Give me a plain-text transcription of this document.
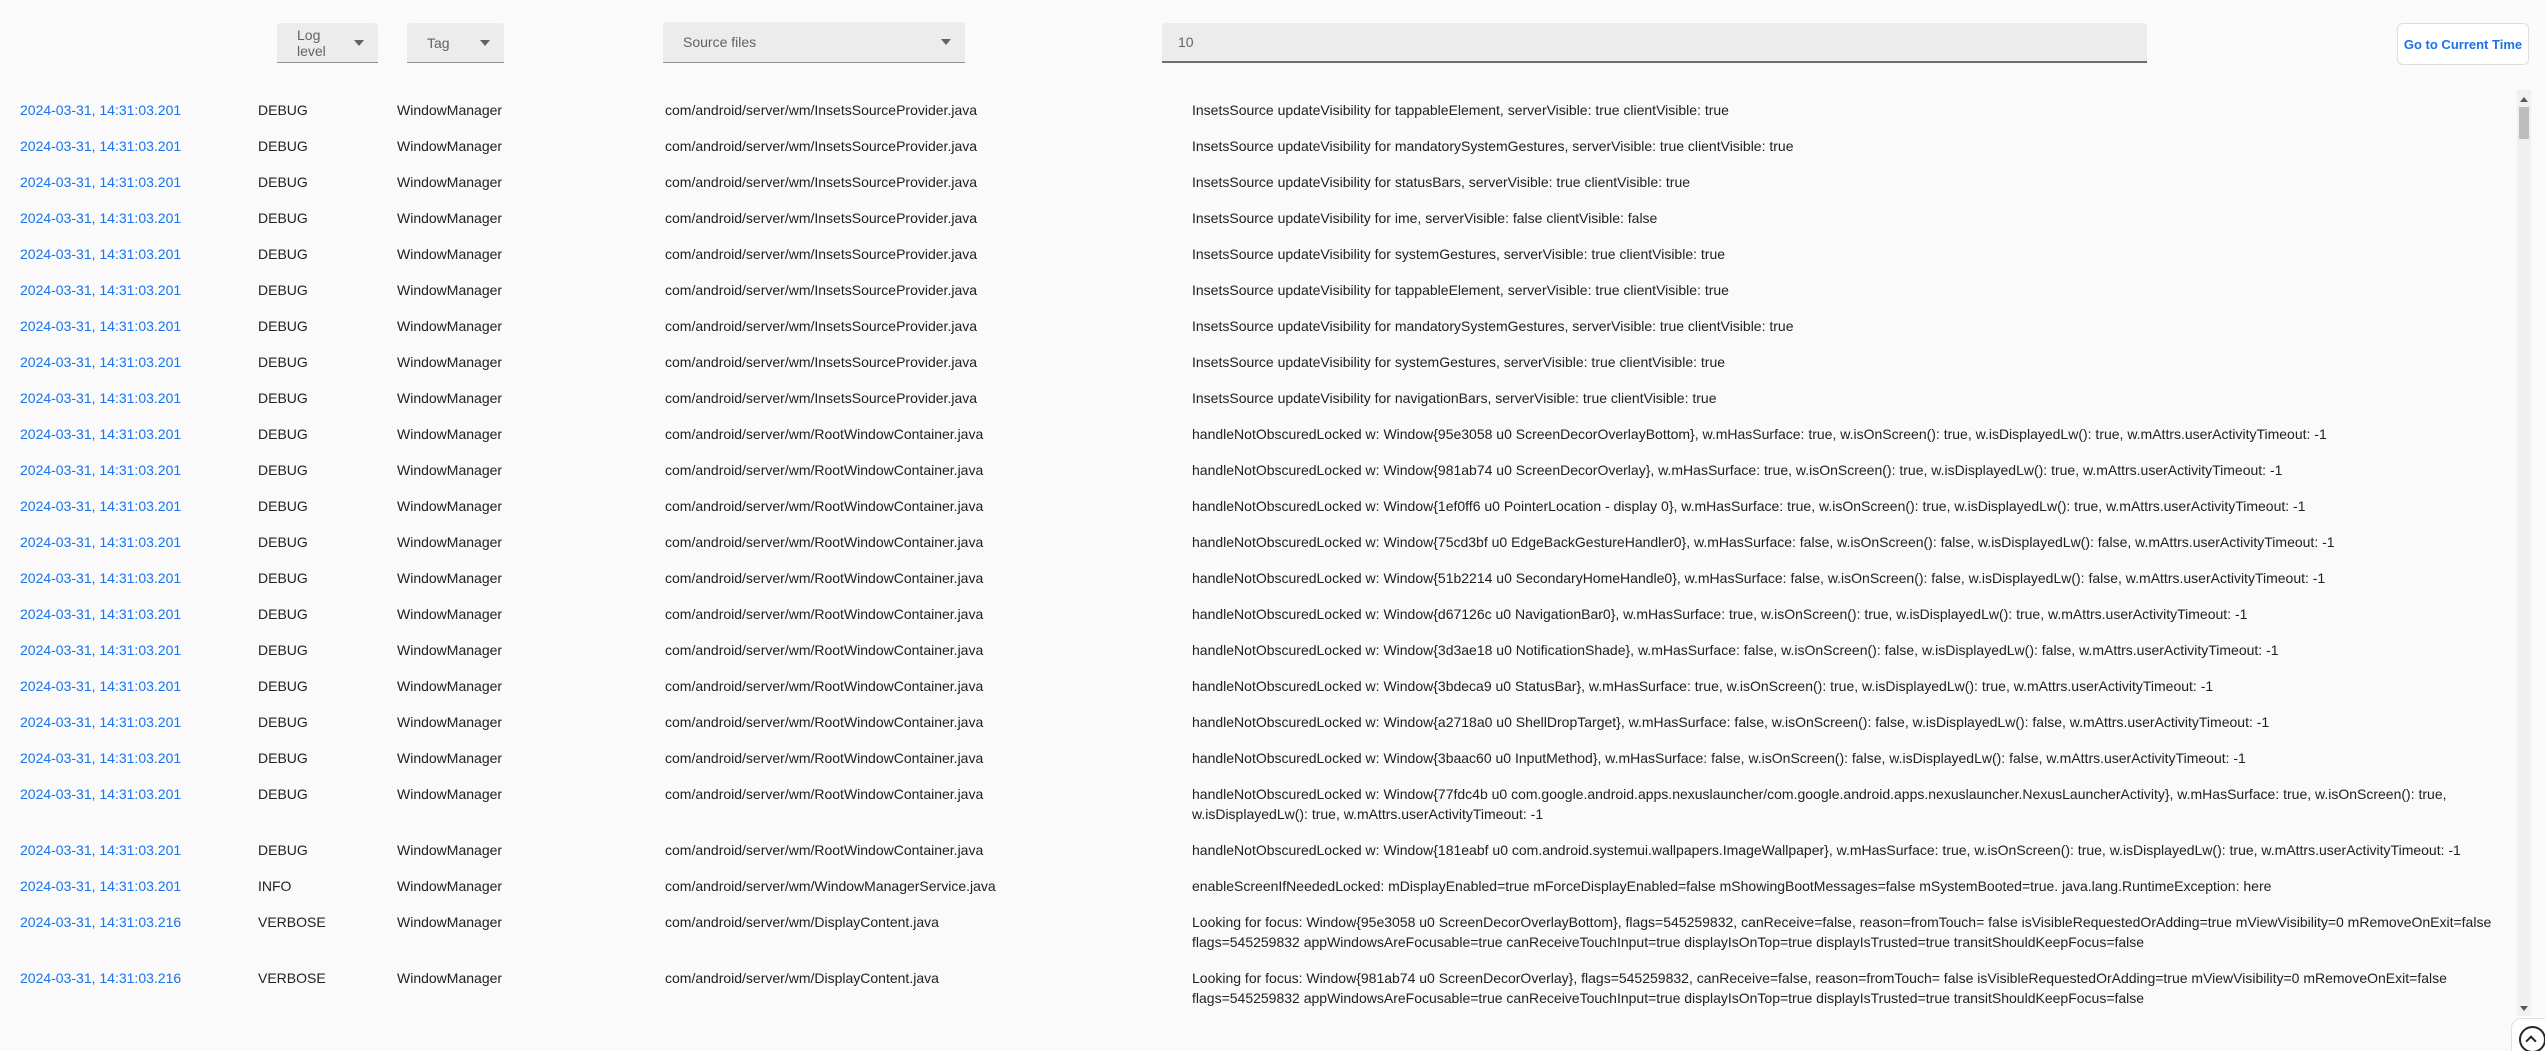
Log level	Tag	Source files
10	Go to Current Time
2024-03-31, 14:31:03.201	DEBUG	WindowManager	com/android/server/wm/InsetsSourceProvider.java	InsetsSource updateVisibility for tappableElement, serverVisible: true clientVisible: true
2024-03-31, 14:31:03.201	DEBUG	WindowManager	com/android/server/wm/InsetsSourceProvider.java	InsetsSource updateVisibility for mandatorySystemGestures, serverVisible: true clientVisible: true
2024-03-31, 14:31:03.201	DEBUG	WindowManager	com/android/server/wm/InsetsSourceProvider.java	InsetsSource updateVisibility for statusBars, serverVisible: true clientVisible: true
2024-03-31, 14:31:03.201	DEBUG	WindowManager	com/android/server/wm/InsetsSourceProvider.java	InsetsSource updateVisibility for ime, serverVisible: false clientVisible: false
2024-03-31, 14:31:03.201	DEBUG	WindowManager	com/android/server/wm/InsetsSourceProvider.java	InsetsSource updateVisibility for systemGestures, serverVisible: true clientVisible: true
2024-03-31, 14:31:03.201	DEBUG	WindowManager	com/android/server/wm/InsetsSourceProvider.java	InsetsSource updateVisibility for tappableElement, serverVisible: true clientVisible: true
2024-03-31, 14:31:03.201	DEBUG	WindowManager	com/android/server/wm/InsetsSourceProvider.java	InsetsSource updateVisibility for mandatorySystemGestures, serverVisible: true clientVisible: true
2024-03-31, 14:31:03.201	DEBUG	WindowManager	com/android/server/wm/InsetsSourceProvider.java	InsetsSource updateVisibility for systemGestures, serverVisible: true clientVisible: true
2024-03-31, 14:31:03.201	DEBUG	WindowManager	com/android/server/wm/InsetsSourceProvider.java	InsetsSource updateVisibility for navigationBars, serverVisible: true clientVisible: true
2024-03-31, 14:31:03.201	DEBUG	WindowManager	com/android/server/wm/RootWindowContainer.java	handleNotObscuredLocked w: Window{95e3058 u0 ScreenDecorOverlayBottom}, w.mHasSurface: true, w.isOnScreen(): true, w.isDisplayedLw(): true, w.mAttrs.userActivityTimeout: -1
2024-03-31, 14:31:03.201	DEBUG	WindowManager	com/android/server/wm/RootWindowContainer.java	handleNotObscuredLocked w: Window{981ab74 u0 ScreenDecorOverlay}, w.mHasSurface: true, w.isOnScreen(): true, w.isDisplayedLw(): true, w.mAttrs.userActivityTimeout: -1
2024-03-31, 14:31:03.201	DEBUG	WindowManager	com/android/server/wm/RootWindowContainer.java	handleNotObscuredLocked w: Window{1ef0ff6 u0 PointerLocation - display 0}, w.mHasSurface: true, w.isOnScreen(): true, w.isDisplayedLw(): true, w.mAttrs.userActivityTimeout: -1
2024-03-31, 14:31:03.201	DEBUG	WindowManager	com/android/server/wm/RootWindowContainer.java	handleNotObscuredLocked w: Window{75cd3bf u0 EdgeBackGestureHandler0}, w.mHasSurface: false, w.isOnScreen(): false, w.isDisplayedLw(): false, w.mAttrs.userActivityTimeout: -1
2024-03-31, 14:31:03.201	DEBUG	WindowManager	com/android/server/wm/RootWindowContainer.java	handleNotObscuredLocked w: Window{51b2214 u0 SecondaryHomeHandle0}, w.mHasSurface: false, w.isOnScreen(): false, w.isDisplayedLw(): false, w.mAttrs.userActivityTimeout: -1
2024-03-31, 14:31:03.201	DEBUG	WindowManager	com/android/server/wm/RootWindowContainer.java	handleNotObscuredLocked w: Window{d67126c u0 NavigationBar0}, w.mHasSurface: true, w.isOnScreen(): true, w.isDisplayedLw(): true, w.mAttrs.userActivityTimeout: -1
2024-03-31, 14:31:03.201	DEBUG	WindowManager	com/android/server/wm/RootWindowContainer.java	handleNotObscuredLocked w: Window{3d3ae18 u0 NotificationShade}, w.mHasSurface: false, w.isOnScreen(): false, w.isDisplayedLw(): false, w.mAttrs.userActivityTimeout: -1
2024-03-31, 14:31:03.201	DEBUG	WindowManager	com/android/server/wm/RootWindowContainer.java	handleNotObscuredLocked w: Window{3bdeca9 u0 StatusBar}, w.mHasSurface: true, w.isOnScreen(): true, w.isDisplayedLw(): true, w.mAttrs.userActivityTimeout: -1
2024-03-31, 14:31:03.201	DEBUG	WindowManager	com/android/server/wm/RootWindowContainer.java	handleNotObscuredLocked w: Window{a2718a0 u0 ShellDropTarget}, w.mHasSurface: false, w.isOnScreen(): false, w.isDisplayedLw(): false, w.mAttrs.userActivityTimeout: -1
2024-03-31, 14:31:03.201	DEBUG	WindowManager	com/android/server/wm/RootWindowContainer.java	handleNotObscuredLocked w: Window{3baac60 u0 InputMethod}, w.mHasSurface: false, w.isOnScreen(): false, w.isDisplayedLw(): false, w.mAttrs.userActivityTimeout: -1
2024-03-31, 14:31:03.201	DEBUG	WindowManager	com/android/server/wm/RootWindowContainer.java	handleNotObscuredLocked w: Window{77fdc4b u0 com.google.android.apps.nexuslauncher/com.google.android.apps.nexuslauncher.NexusLauncherActivity}, w.mHasSurface: true, w.isOnScreen(): true, w.isDisplayedLw(): true, w.mAttrs.userActivityTimeout: -1
2024-03-31, 14:31:03.201	DEBUG	WindowManager	com/android/server/wm/RootWindowContainer.java	handleNotObscuredLocked w: Window{181eabf u0 com.android.systemui.wallpapers.ImageWallpaper}, w.mHasSurface: true, w.isOnScreen(): true, w.isDisplayedLw(): true, w.mAttrs.userActivityTimeout: -1
2024-03-31, 14:31:03.201	INFO	WindowManager	com/android/server/wm/WindowManagerService.java	enableScreenIfNeededLocked: mDisplayEnabled=true mForceDisplayEnabled=false mShowingBootMessages=false mSystemBooted=true. java.lang.RuntimeException: here
2024-03-31, 14:31:03.216	VERBOSE	WindowManager	com/android/server/wm/DisplayContent.java	Looking for focus: Window{95e3058 u0 ScreenDecorOverlayBottom}, flags=545259832, canReceive=false, reason=fromTouch= false isVisibleRequestedOrAdding=true mViewVisibility=0 mRemoveOnExit=false flags=545259832 appWindowsAreFocusable=true canReceiveTouchInput=true displayIsOnTop=true displayIsTrusted=true transitShouldKeepFocus=false
2024-03-31, 14:31:03.216	VERBOSE	WindowManager	com/android/server/wm/DisplayContent.java	Looking for focus: Window{981ab74 u0 ScreenDecorOverlay}, flags=545259832, canReceive=false, reason=fromTouch= false isVisibleRequestedOrAdding=true mViewVisibility=0 mRemoveOnExit=false flags=545259832 appWindowsAreFocusable=true canReceiveTouchInput=true displayIsOnTop=true displayIsTrusted=true transitShouldKeepFocus=false
